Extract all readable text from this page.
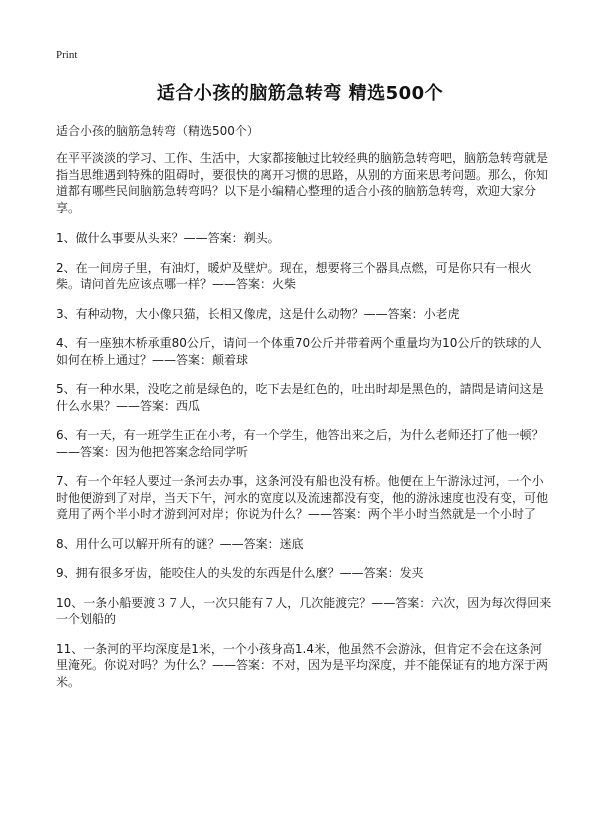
Print
适合小孩的脑筋急转弯 精选500个

适合小孩的脑筋急转弯（精选500个）

在平平淡淡的学习、工作、生活中，大家都接触过比较经典的脑筋急转弯吧，脑筋急转弯就是指当思维遇到特殊的阻碍时，要很快的离开习惯的思路，从别的方面来思考问题。那么，你知道都有哪些民间脑筋急转弯吗？以下是小编精心整理的适合小孩的脑筋急转弯，欢迎大家分享。

1、做什么事要从头来？——答案：剃头。

2、在一间房子里，有油灯，暖炉及壁炉。现在，想要将三个器具点燃，可是你只有一根火柴。请问首先应该点哪一样？——答案：火柴

3、有种动物，大小像只猫，长相又像虎，这是什么动物？——答案：小老虎

4、有一座独木桥承重80公斤，请问一个体重70公斤并带着两个重量均为10公斤的铁球的人如何在桥上通过？——答案：颠着球

5、有一种水果，没吃之前是绿色的，吃下去是红色的，吐出时却是黑色的，請問是请问这是什么水果？——答案：西瓜

6、有一天，有一班学生正在小考，有一个学生，他答出来之后，为什么老师还打了他一顿？——答案：因为他把答案念给同学听

7、有一个年轻人要过一条河去办事，这条河没有船也没有桥。他便在上午游泳过河，一个小时他便游到了对岸，当天下午，河水的宽度以及流速都没有变，他的游泳速度也没有变，可他竟用了两个半小时才游到河对岸；你说为什么？——答案：两个半小时当然就是一个小时了

8、用什么可以解开所有的谜？——答案：迷底

9、拥有很多牙齿，能咬住人的头发的东西是什么麼？——答案：发夹

10、一条小船要渡３７人，一次只能有７人，几次能渡完？——答案：六次，因为每次得回来一个划船的

11、一条河的平均深度是1米，一个小孩身高1.4米，他虽然不会游泳，但肯定不会在这条河里淹死。你说对吗？为什么？——答案：不对，因为是平均深度，并不能保证有的地方深于两米。
